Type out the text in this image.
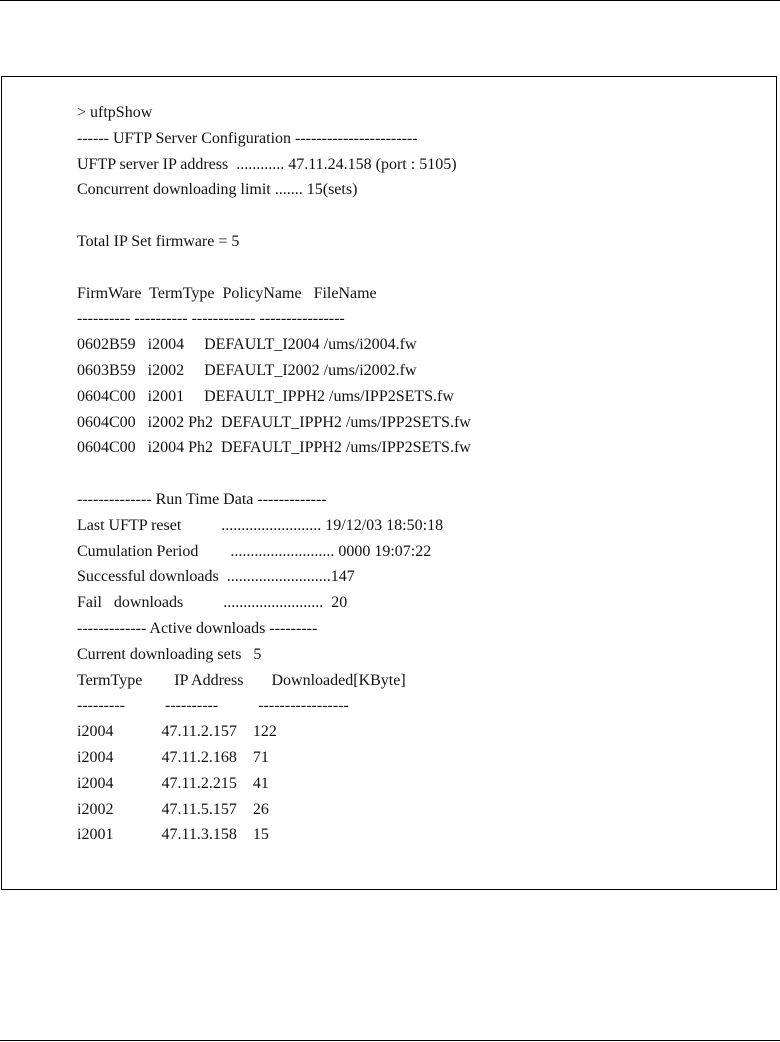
> uftpShow
------ UFTP Server Configuration -----------------------
UFTP server IP address  ............ 47.11.24.158 (port : 5105)
Concurrent downloading limit ....... 15(sets)
Total IP Set firmware = 5
FirmWare  TermType  PolicyName   FileName
---------- ---------- ------------ ----------------
0602B59   i2004     DEFAULT_I2004 /ums/i2004.fw
0603B59   i2002     DEFAULT_I2002 /ums/i2002.fw
0604C00   i2001     DEFAULT_IPPH2 /ums/IPP2SETS.fw
0604C00   i2002 Ph2  DEFAULT_IPPH2 /ums/IPP2SETS.fw
0604C00   i2004 Ph2  DEFAULT_IPPH2 /ums/IPP2SETS.fw
-------------- Run Time Data -------------
Last UFTP reset          ......................... 19/12/03 18:50:18
Cumulation Period        .......................... 0000 19:07:22
Successful downloads  ..........................147
Fail   downloads          .........................  20
------------- Active downloads ---------
Current downloading sets   5
TermType        IP Address       Downloaded[KByte]
---------          ----------          -----------------
i2004            47.11.2.157    122
i2004            47.11.2.168    71
i2004            47.11.2.215    41
i2002            47.11.5.157    26
i2001            47.11.3.158    15
